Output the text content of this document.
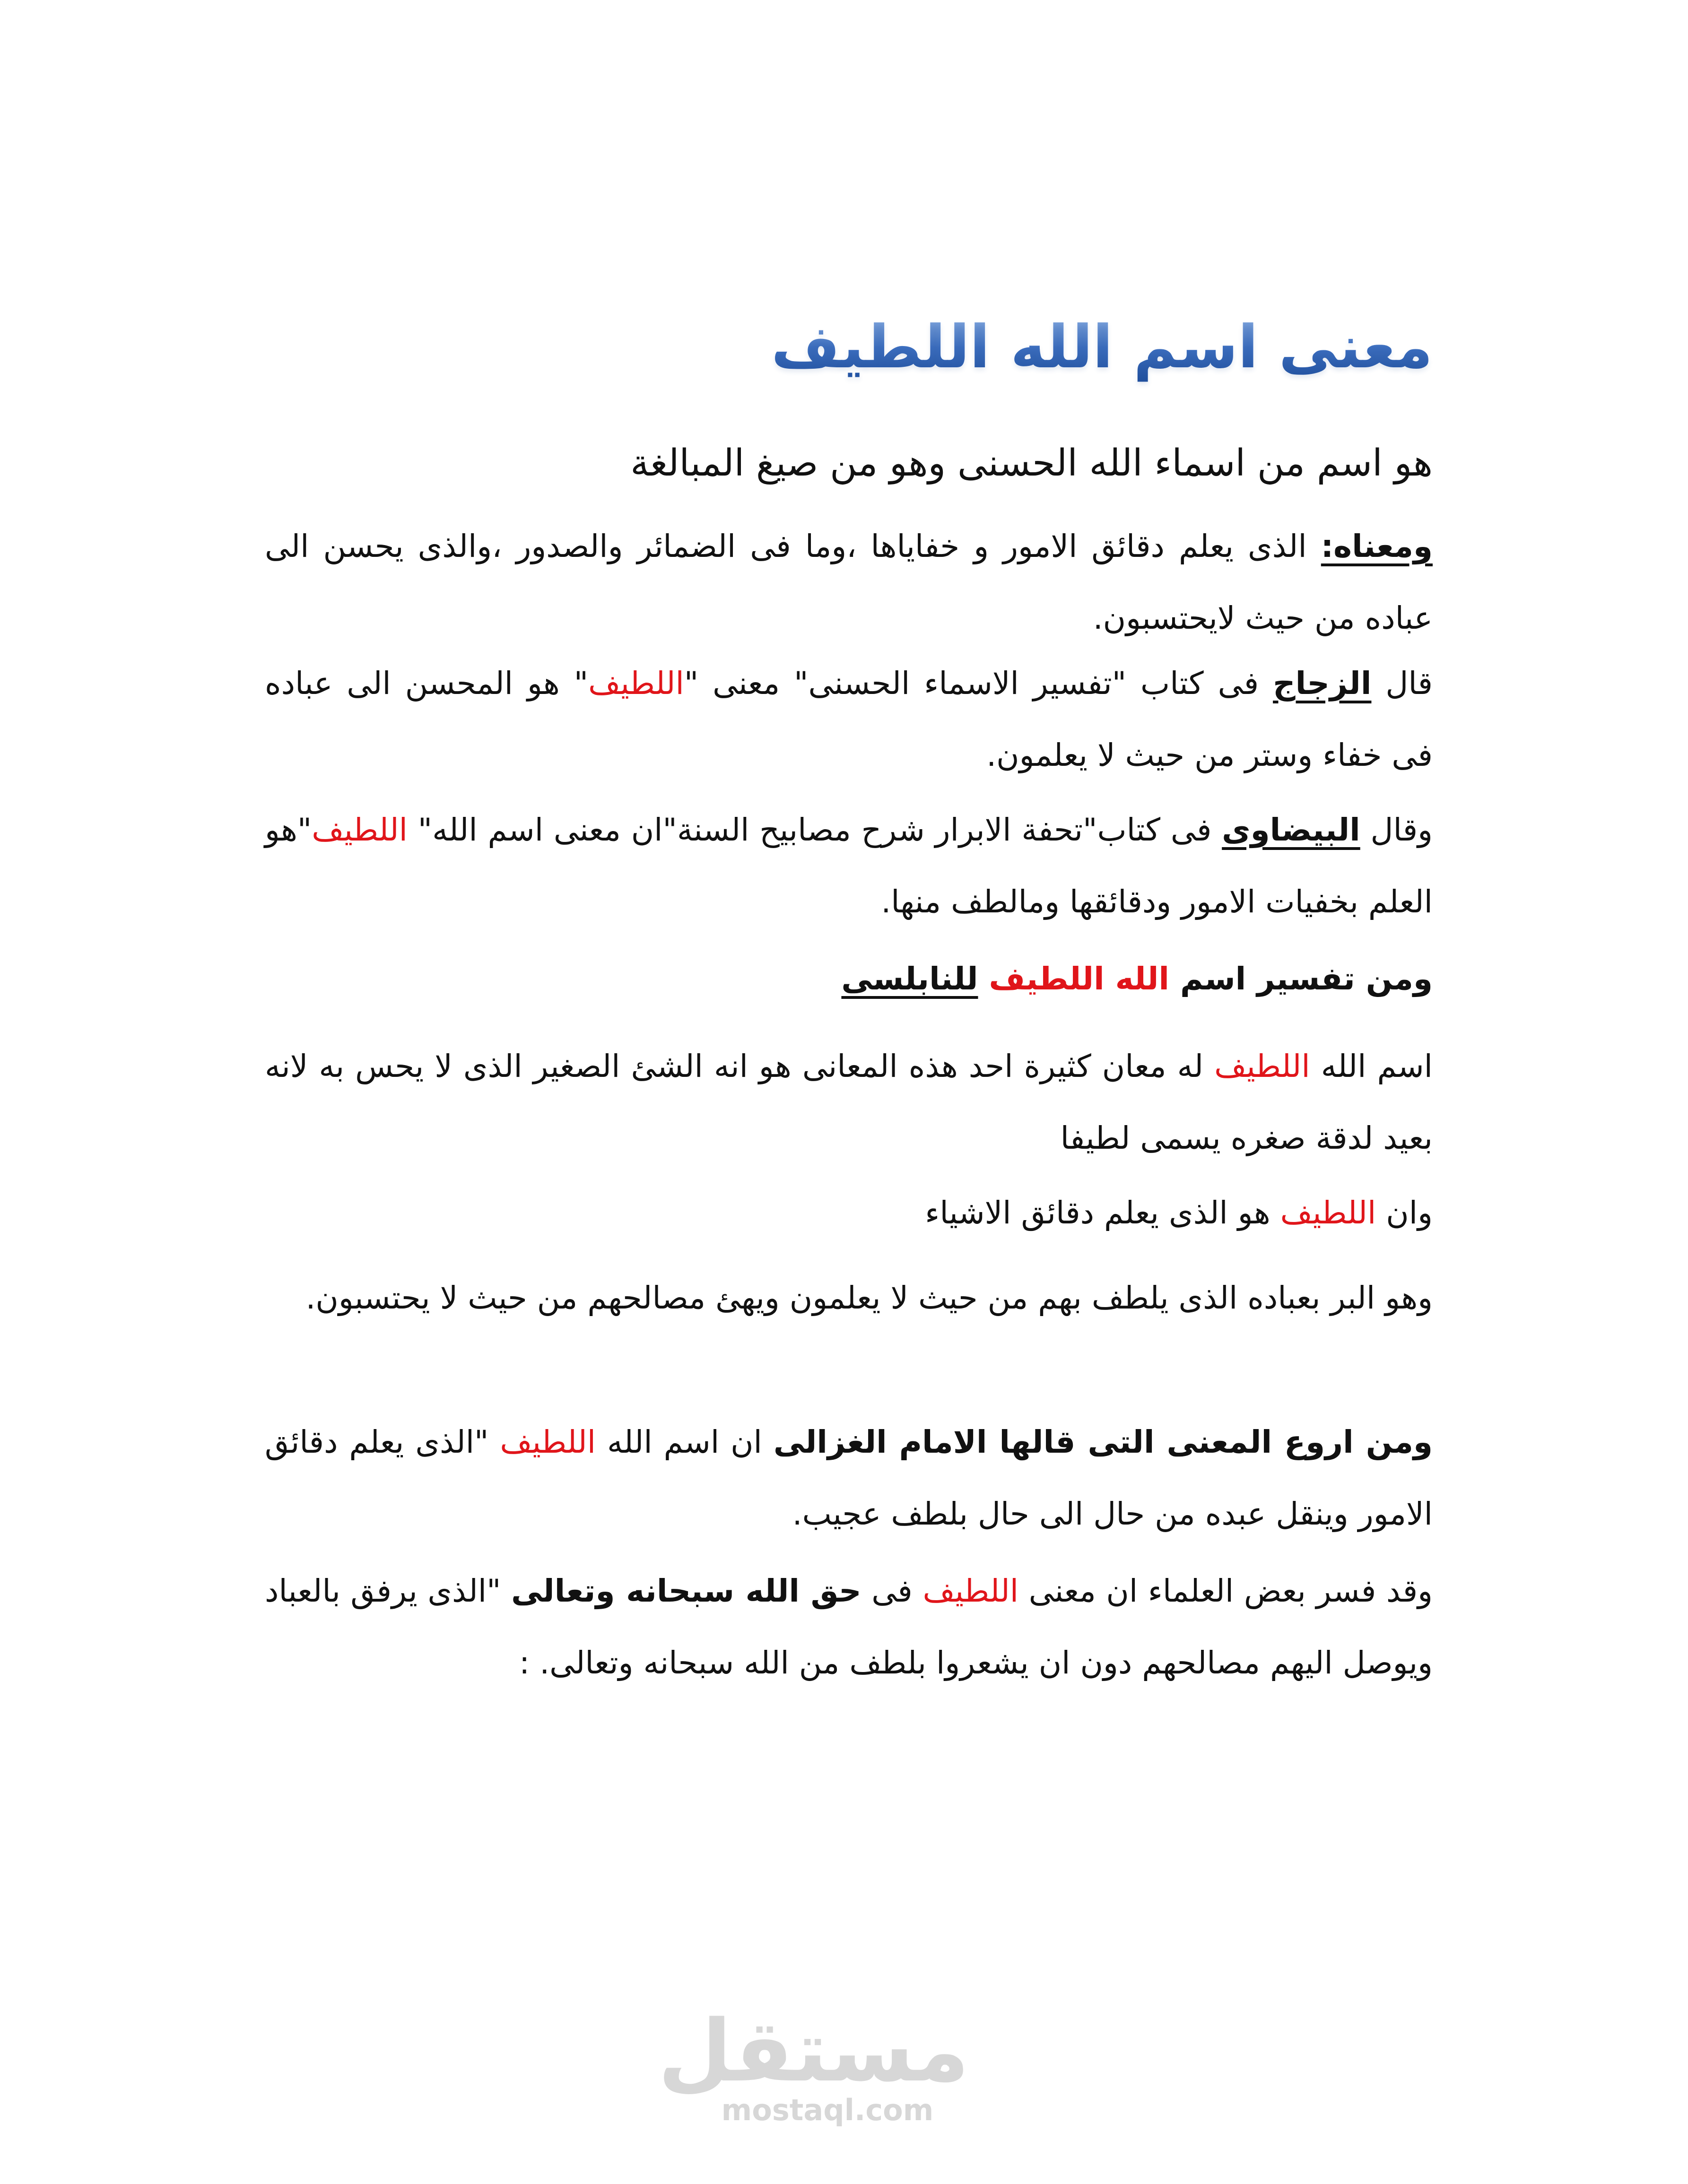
معنى اسم الله اللطيف

هو اسم من اسماء الله الحسنى وهو من صيغ المبالغة

ومعناه: الذى يعلم دقائق الامور و خفاياها ،وما فى الضمائر والصدور ،والذى يحسن الى عباده من حيث لايحتسبون.

قال الزجاج فى كتاب "تفسير الاسماء الحسنى" معنى "اللطيف" هو المحسن الى عباده فى خفاء وستر من حيث لا يعلمون.

وقال البيضاوى فى كتاب"تحفة الابرار شرح مصابيح السنة"ان معنى اسم الله" اللطيف"هو العلم بخفيات الامور ودقائقها ومالطف منها.

ومن تفسير اسم الله اللطيف للنابلسى

اسم الله اللطيف له معان كثيرة احد هذه المعانى هو انه الشئ الصغير الذى لا يحس به لانه بعيد لدقة صغره يسمى لطيفا

وان اللطيف هو الذى يعلم دقائق الاشياء

وهو البر بعباده الذى يلطف بهم من حيث لا يعلمون ويهئ مصالحهم من حيث لا يحتسبون.

ومن اروع المعنى التى قالها الامام الغزالى ان اسم الله اللطيف "الذى يعلم دقائق الامور وينقل عبده من حال الى حال بلطف عجيب.

وقد فسر بعض العلماء ان معنى اللطيف فى حق الله سبحانه وتعالى "الذى يرفق بالعباد ويوصل اليهم مصالحهم دون ان يشعروا بلطف من الله سبحانه وتعالى. :

مستقل
mostaql.com
